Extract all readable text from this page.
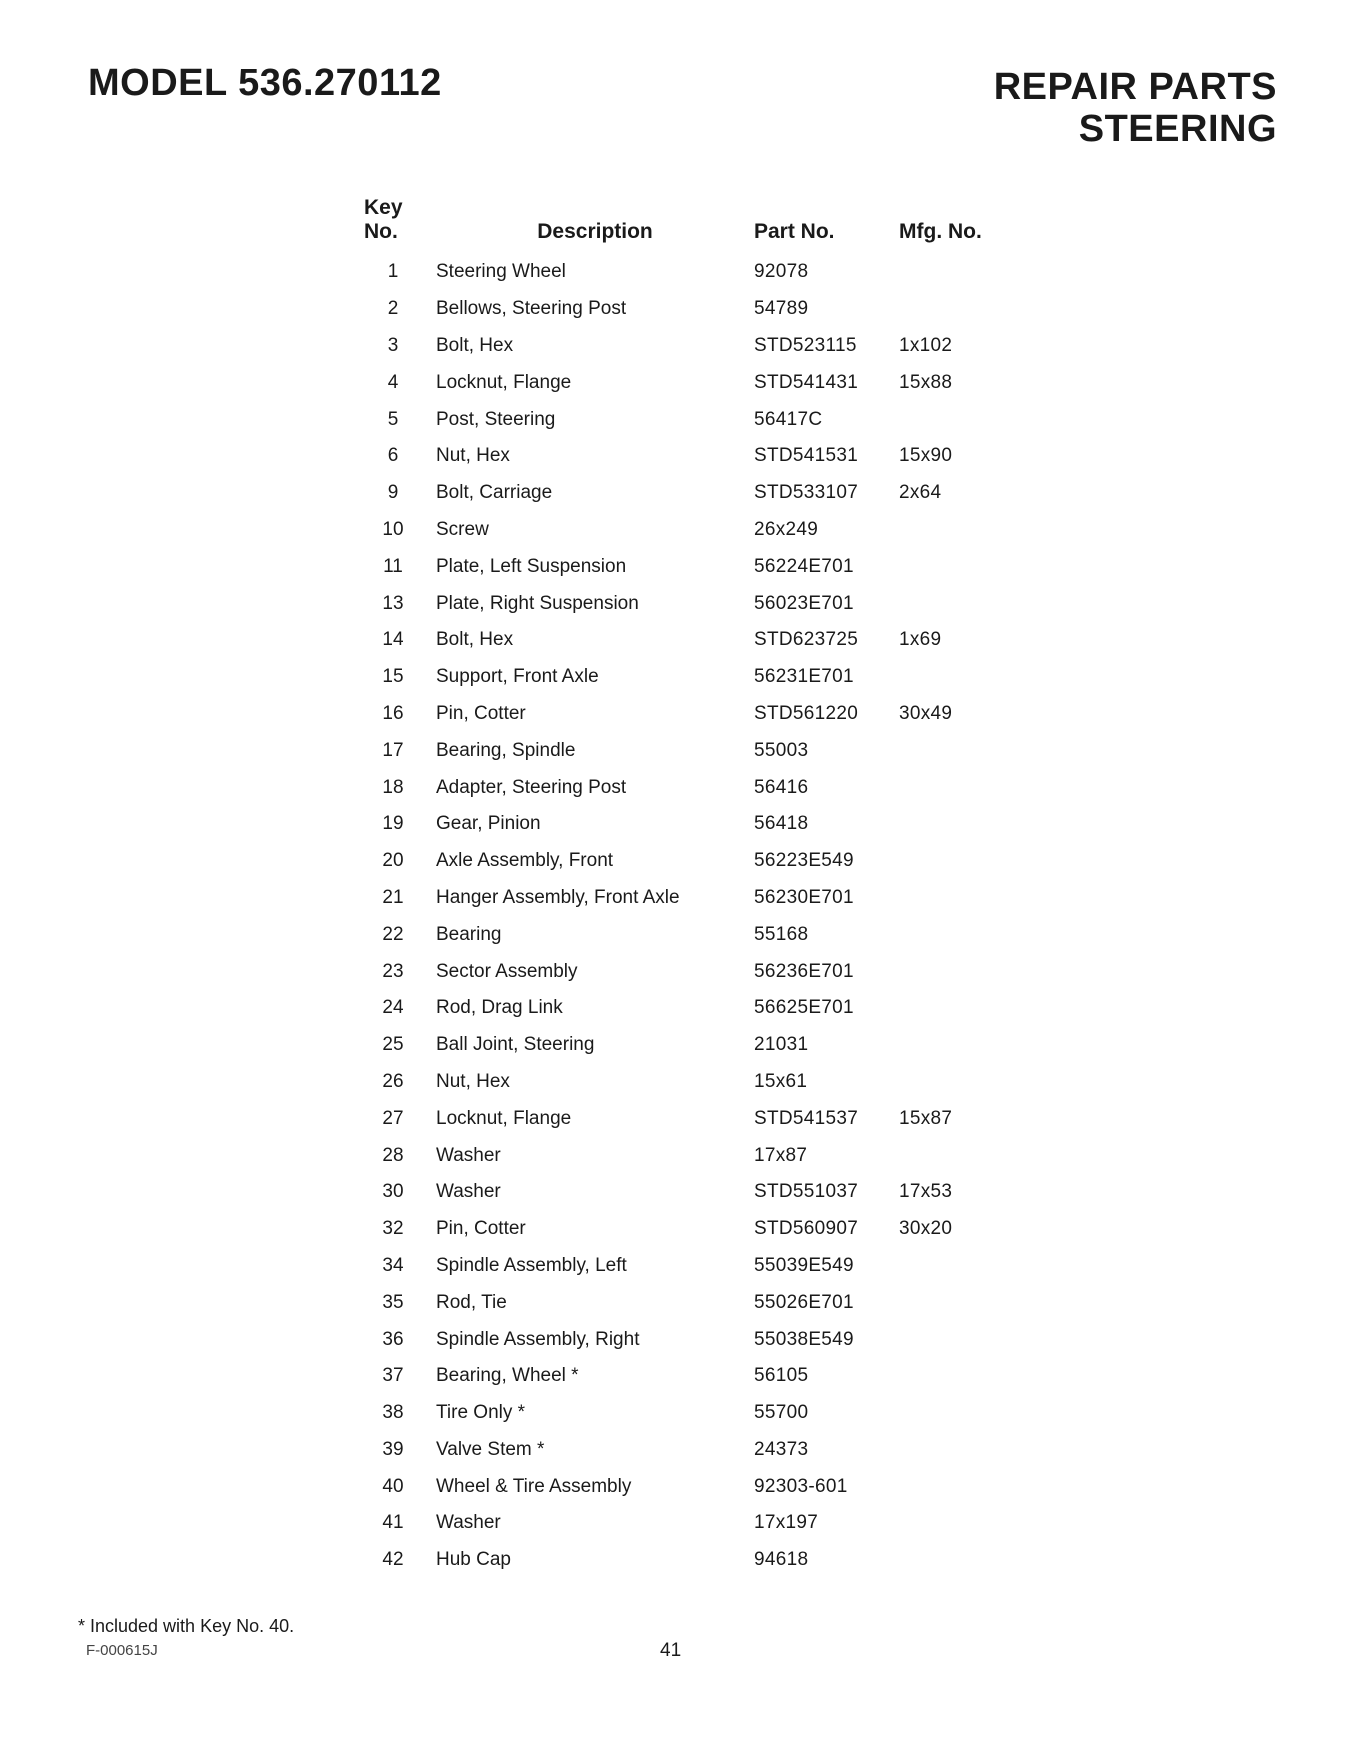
MODEL 536.270112	REPAIR PARTS
STEERING
Key
No.	Description	Part No.	Mfg. No.
1	Steering Wheel	92078	
2	Bellows, Steering Post	54789	
3	Bolt, Hex	STD523115	1x102
4	Locknut, Flange	STD541431	15x88
5	Post, Steering	56417C	
6	Nut, Hex	STD541531	15x90
9	Bolt, Carriage	STD533107	2x64
10	Screw	26x249	
11	Plate, Left Suspension	56224E701	
13	Plate, Right Suspension	56023E701	
14	Bolt, Hex	STD623725	1x69
15	Support, Front Axle	56231E701	
16	Pin, Cotter	STD561220	30x49
17	Bearing, Spindle	55003	
18	Adapter, Steering Post	56416	
19	Gear, Pinion	56418	
20	Axle Assembly, Front	56223E549	
21	Hanger Assembly, Front Axle	56230E701	
22	Bearing	55168	
23	Sector Assembly	56236E701	
24	Rod, Drag Link	56625E701	
25	Ball Joint, Steering	21031	
26	Nut, Hex	15x61	
27	Locknut, Flange	STD541537	15x87
28	Washer	17x87	
30	Washer	STD551037	17x53
32	Pin, Cotter	STD560907	30x20
34	Spindle Assembly, Left	55039E549	
35	Rod, Tie	55026E701	
36	Spindle Assembly, Right	55038E549	
37	Bearing, Wheel *	56105	
38	Tire Only *	55700	
39	Valve Stem *	24373	
40	Wheel & Tire Assembly	92303-601	
41	Washer	17x197	
42	Hub Cap	94618	
* Included with Key No. 40.
F-000615J	41
